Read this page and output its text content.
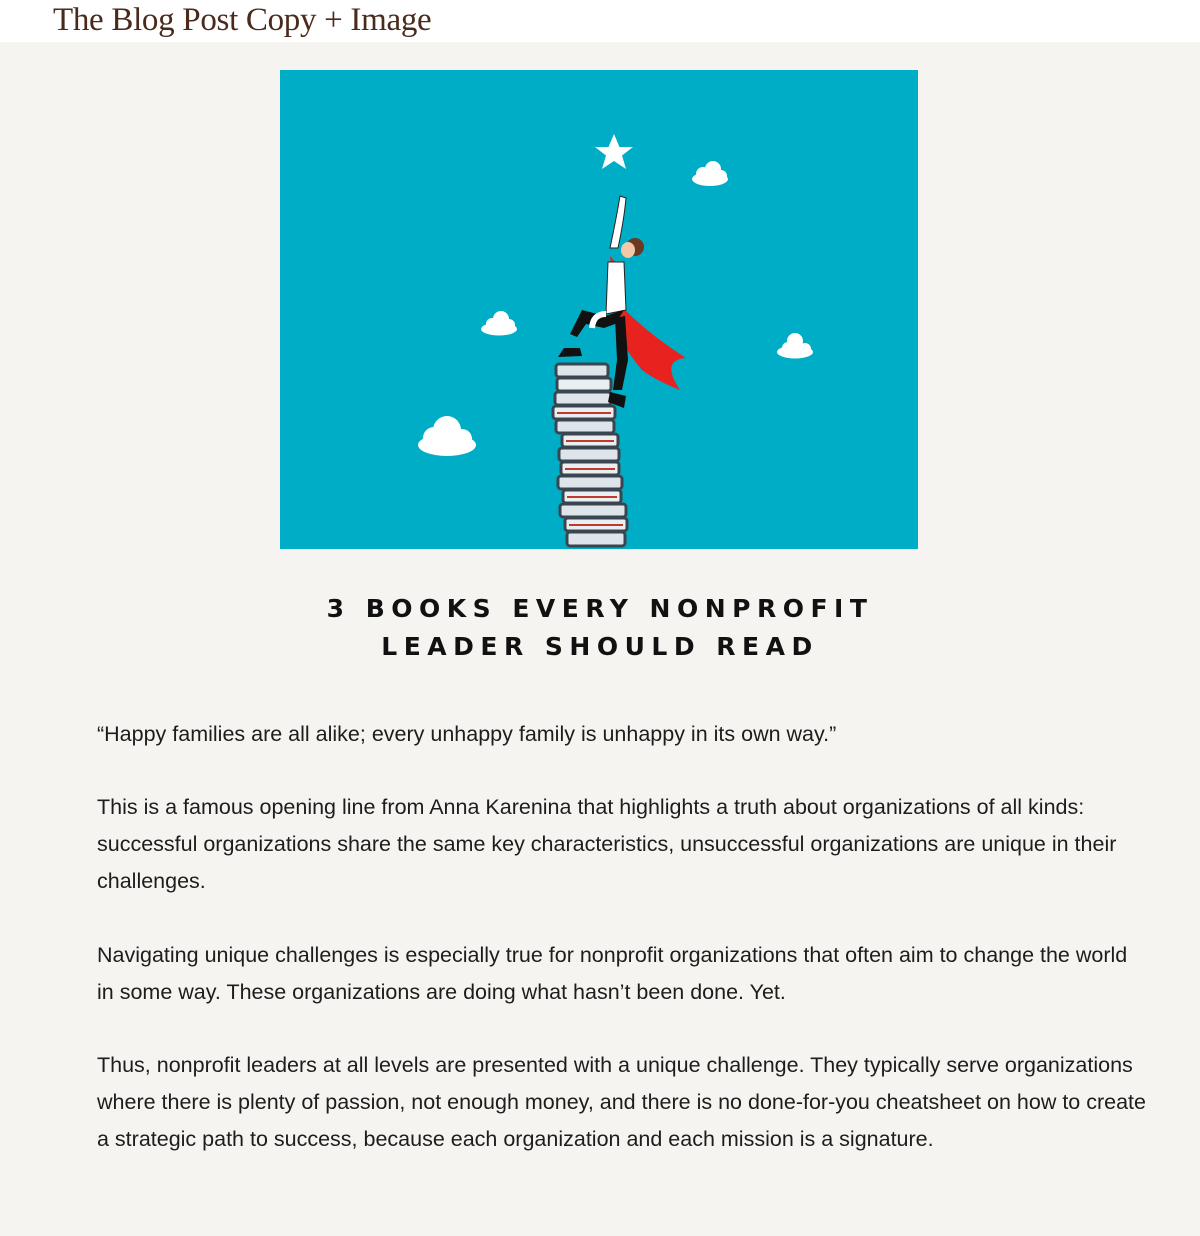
The Blog Post Copy + Image
3 BOOKS EVERY NONPROFIT
LEADER SHOULD READ

“Happy families are all alike; every unhappy family is unhappy in its own way.”

This is a famous opening line from Anna Karenina that highlights a truth about organizations of all kinds: successful organizations share the same key characteristics, unsuccessful organizations are unique in their challenges.

Navigating unique challenges is especially true for nonprofit organizations that often aim to change the world in some way. These organizations are doing what hasn’t been done. Yet.

Thus, nonprofit leaders at all levels are presented with a unique challenge. They typically serve organizations where there is plenty of passion, not enough money, and there is no done-for-you cheatsheet on how to create a strategic path to success, because each organization and each mission is a signature.
